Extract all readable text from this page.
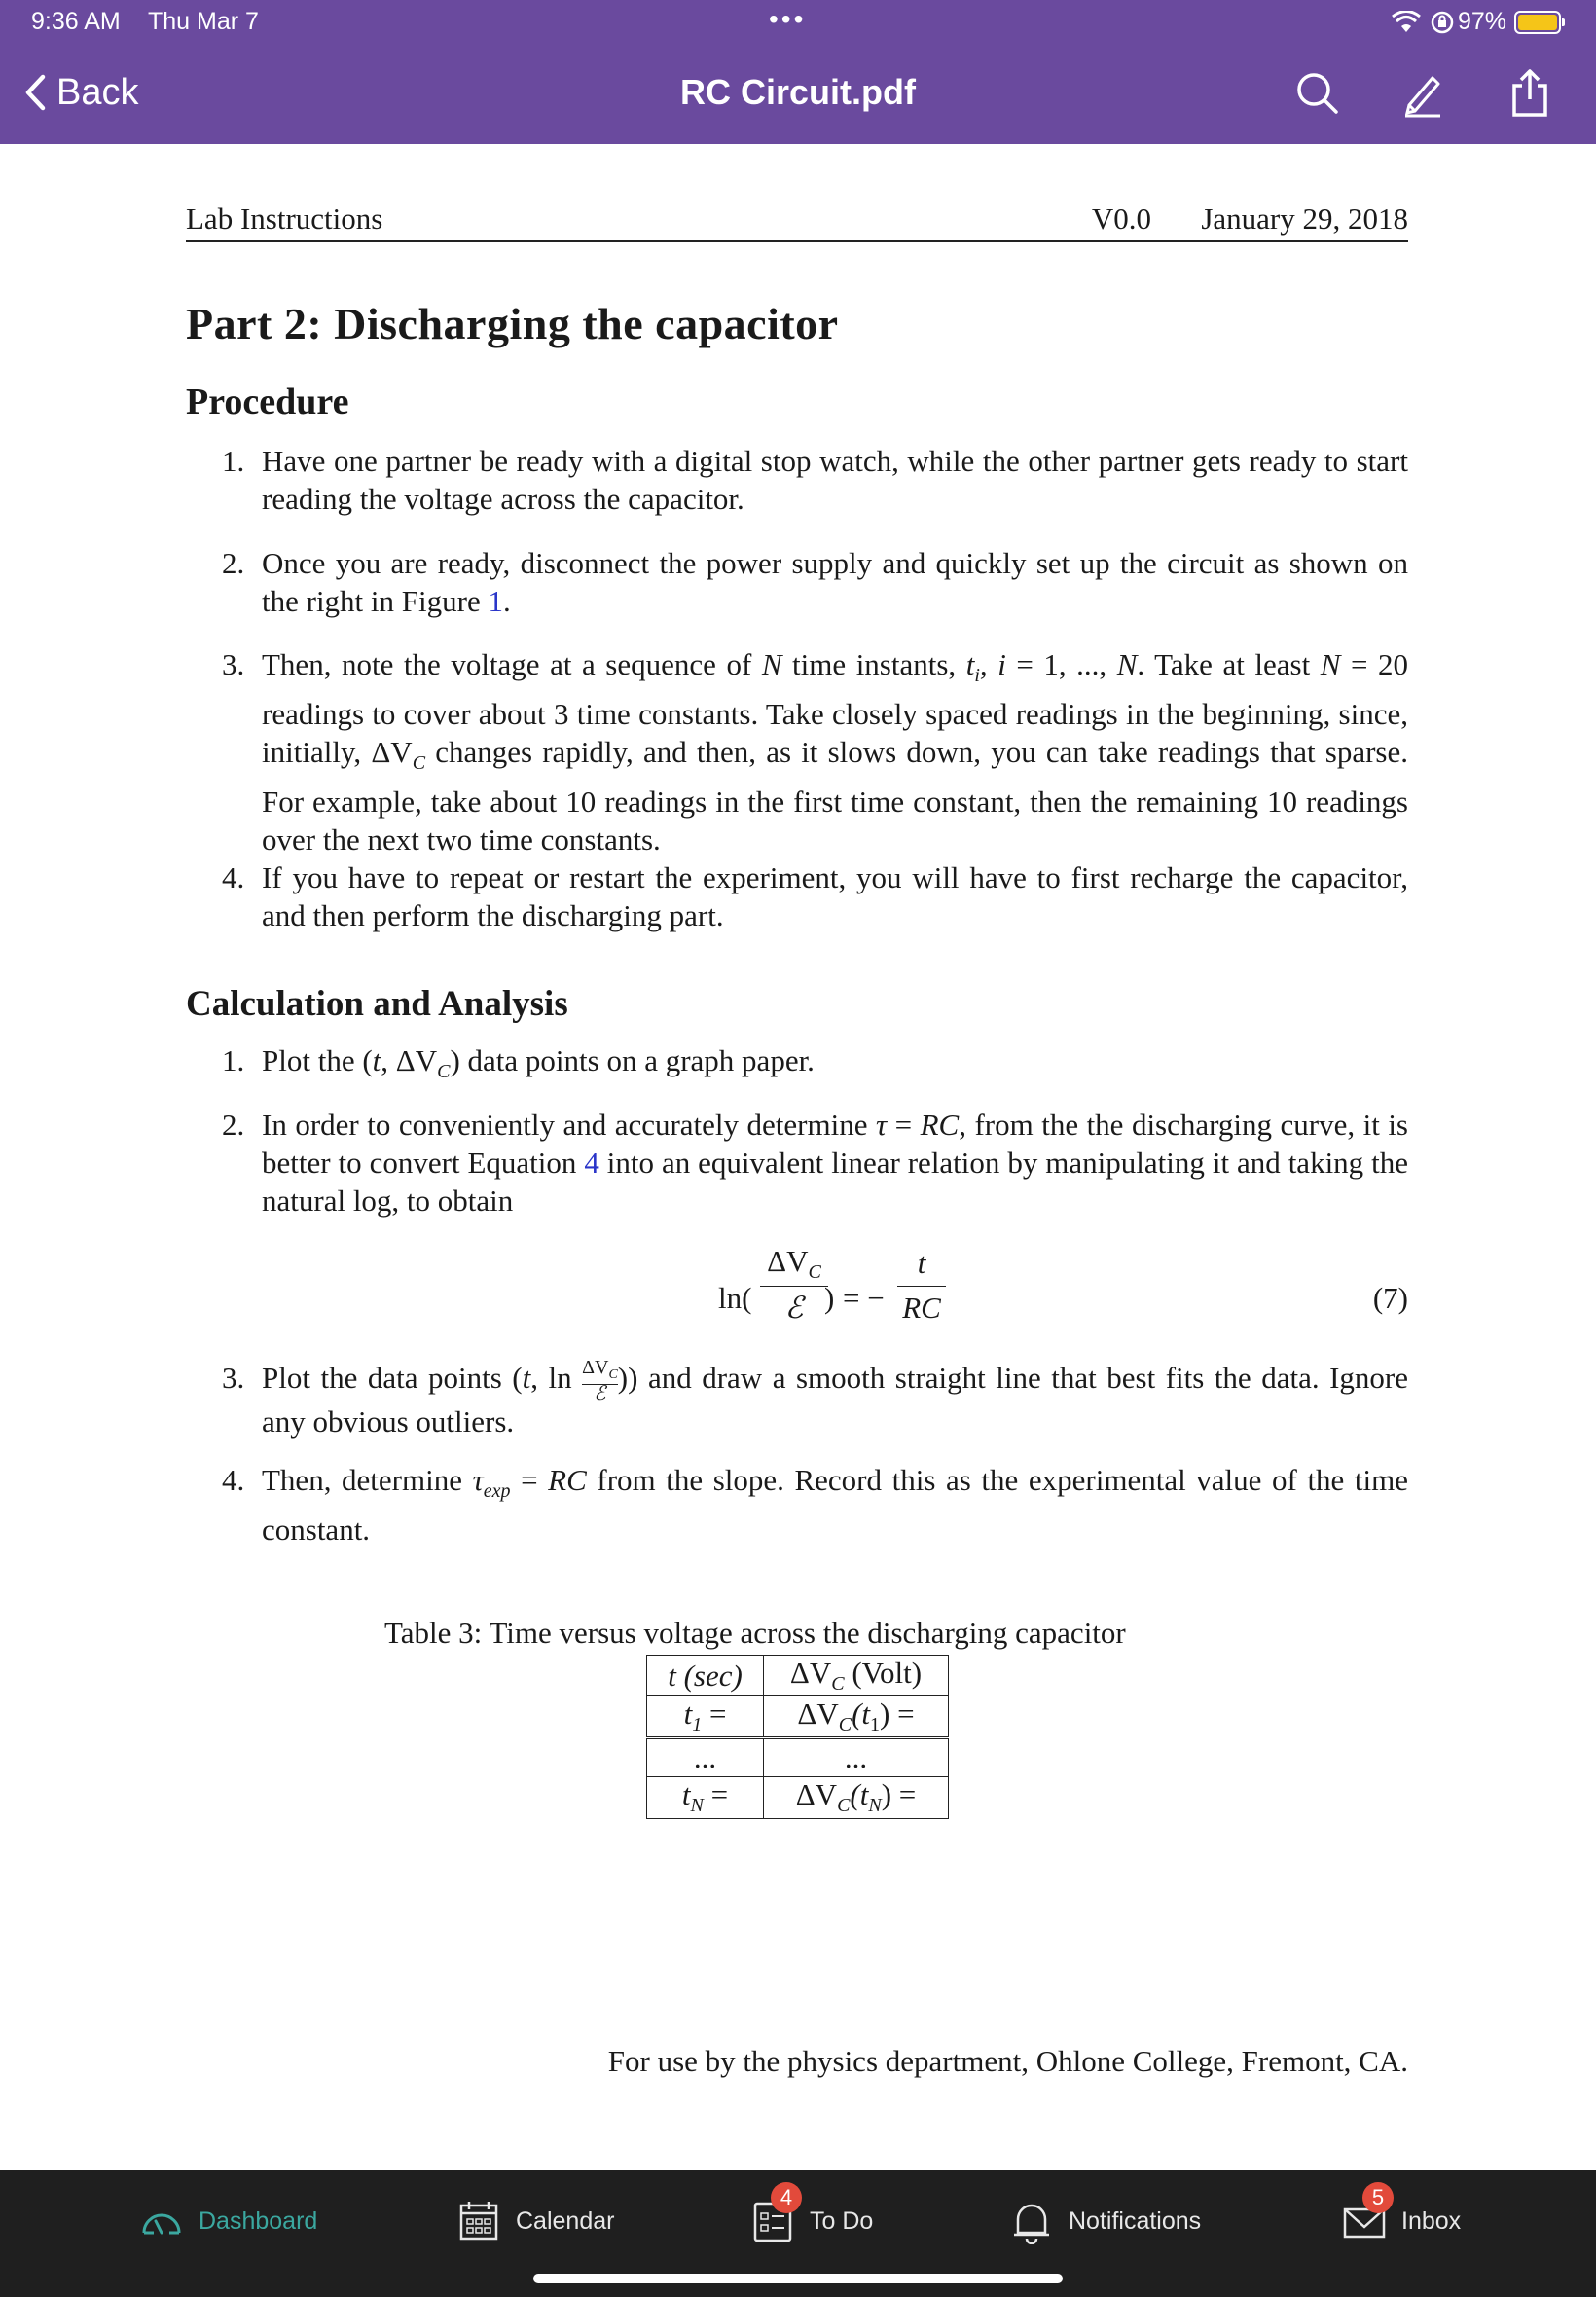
9:36 AM Thu Mar 7	•••	97%
Back	RC Circuit.pdf
Lab Instructions	V0.0 January 29, 2018
Part 2: Discharging the capacitor
Procedure
1. Have one partner be ready with a digital stop watch, while the other partner gets ready to start reading the voltage across the capacitor.
2. Once you are ready, disconnect the power supply and quickly set up the circuit as shown on the right in Figure 1.
3. Then, note the voltage at a sequence of N time instants, $t_i$, i = 1, ..., N. Take at least N = 20 readings to cover about 3 time constants. Take closely spaced readings in the beginning, since, initially, $\Delta V_C$ changes rapidly, and then, as it slows down, you can take readings that sparse. For example, take about 10 readings in the first time constant, then the remaining 10 readings over the next two time constants.
4. If you have to repeat or restart the experiment, you will have to first recharge the capacitor, and then perform the discharging part.
Calculation and Analysis
1. Plot the (t, $\Delta V_C$) data points on a graph paper.
2. In order to conveniently and accurately determine τ = RC, from the the discharging curve, it is better to convert Equation 4 into an equivalent linear relation by manipulating it and taking the natural log, to obtain
ln(
$\Delta V_C$
ℰ ) = −
t
RC	(7)
3. Plot the data points (t, $\ln \Delta V_C$
ℰ )) and draw a smooth straight line that best fits the data. Ignore any obvious outliers.
4. Then, determine $\tau_{exp}$ = RC from the slope. Record this as the experimental value of the time constant.
Table 3: Time versus voltage across the discharging capacitor
t (sec)	$\Delta V_C$ (Volt)
$t_1$ =	$\Delta V_C(t_1)$ =
...	...
$t_N$ =	$\Delta V_C(t_N)$ =
For use by the physics department, Ohlone College, Fremont, CA.
Dashboard	Calendar
4
To Do	Notifications
5
Inbox
